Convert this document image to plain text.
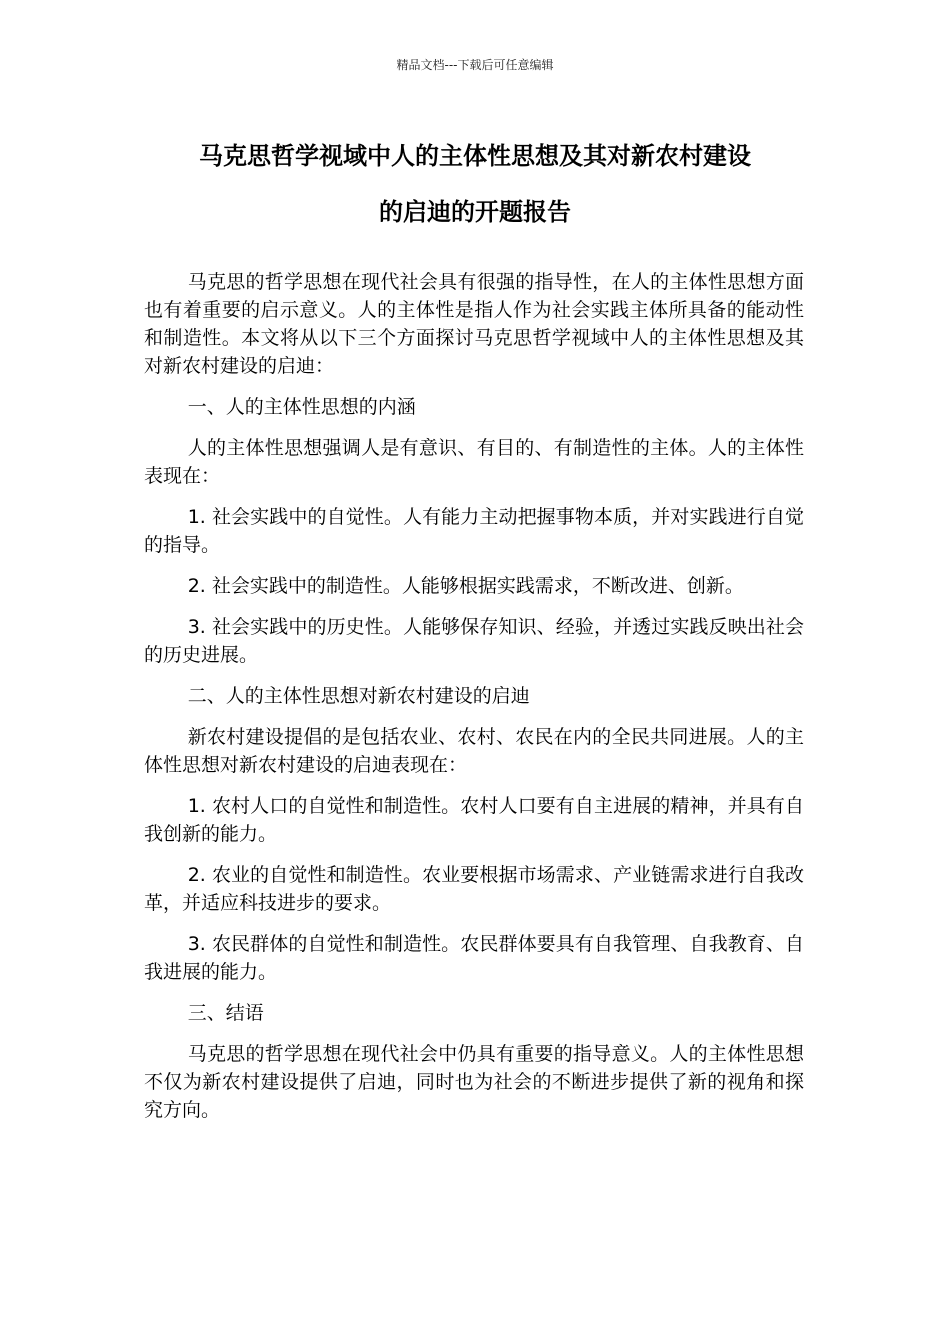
精品文档---下载后可任意编辑
马克思哲学视域中人的主体性思想及其对新农村建设
的启迪的开题报告

马克思的哲学思想在现代社会具有很强的指导性，在人的主体性思想方面也有着重要的启示意义。人的主体性是指人作为社会实践主体所具备的能动性和制造性。本文将从以下三个方面探讨马克思哲学视域中人的主体性思想及其对新农村建设的启迪：

一、人的主体性思想的内涵

人的主体性思想强调人是有意识、有目的、有制造性的主体。人的主体性表现在：

1. 社会实践中的自觉性。人有能力主动把握事物本质，并对实践进行自觉的指导。

2. 社会实践中的制造性。人能够根据实践需求，不断改进、创新。

3. 社会实践中的历史性。人能够保存知识、经验，并透过实践反映出社会的历史进展。

二、人的主体性思想对新农村建设的启迪

新农村建设提倡的是包括农业、农村、农民在内的全民共同进展。人的主体性思想对新农村建设的启迪表现在：

1. 农村人口的自觉性和制造性。农村人口要有自主进展的精神，并具有自我创新的能力。

2. 农业的自觉性和制造性。农业要根据市场需求、产业链需求进行自我改革，并适应科技进步的要求。

3. 农民群体的自觉性和制造性。农民群体要具有自我管理、自我教育、自我进展的能力。

三、结语

马克思的哲学思想在现代社会中仍具有重要的指导意义。人的主体性思想不仅为新农村建设提供了启迪，同时也为社会的不断进步提供了新的视角和探究方向。
